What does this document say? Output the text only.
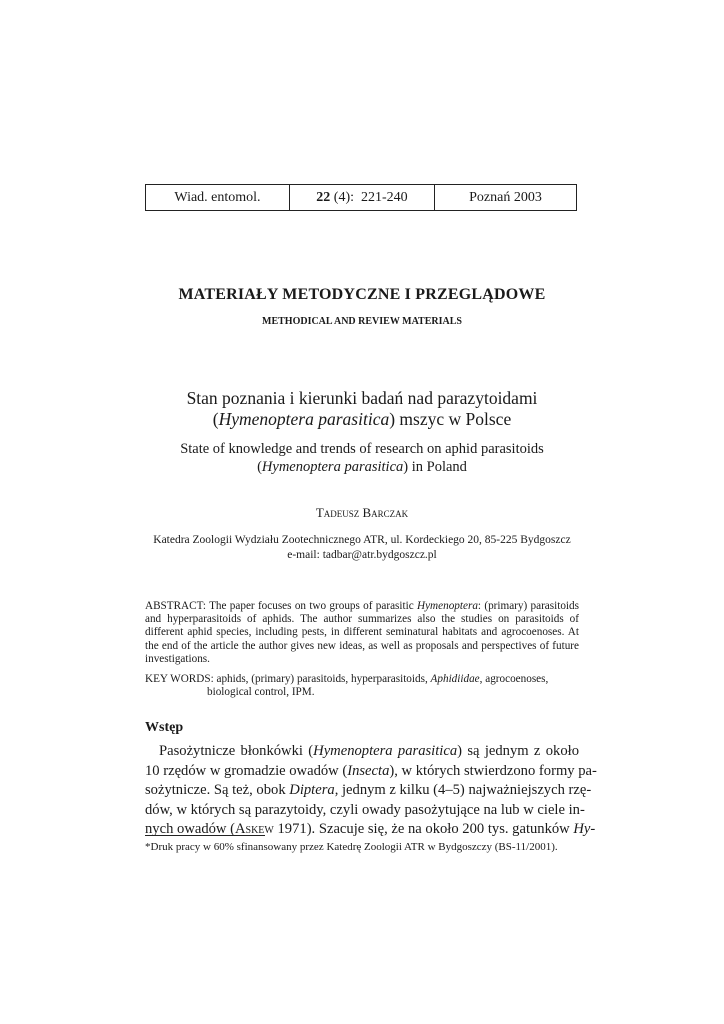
Wiad. entomol.	22 (4):  221-240	Poznań 2003
MATERIAŁY METODYCZNE I PRZEGLĄDOWE
METHODICAL AND REVIEW MATERIALS
Stan poznania i kierunki badań nad parazytoidami
(Hymenoptera parasitica) mszyc w Polsce
State of knowledge and trends of research on aphid parasitoids
(Hymenoptera parasitica) in Poland
Tadeusz Barczak
Katedra Zoologii Wydziału Zootechnicznego ATR, ul. Kordeckiego 20, 85-225 Bydgoszcz
e-mail: tadbar@atr.bydgoszcz.pl
ABSTRACT: The paper focuses on two groups of parasitic Hymenoptera: (primary) parasitoids and hyperparasitoids of aphids. The author summarizes also the studies on parasitoids of different aphid species, including pests, in different seminatural habitats and agrocoenoses. At the end of the article the author gives new ideas, as well as proposals and perspectives of future investigations.
KEY WORDS: aphids, (primary) parasitoids, hyperparasitoids, Aphidiidae, agrocoenoses,
biological control, IPM.
Wstęp
Pasożytnicze błonkówki (Hymenoptera parasitica) są jednym z około
10 rzędów w gromadzie owadów (Insecta), w których stwierdzono formy pa-
sożytnicze. Są też, obok Diptera, jednym z kilku (4–5) najważniejszych rzę-
dów, w których są parazytoidy, czyli owady pasożytujące na lub w ciele in-
nych owadów (Askew 1971). Szacuje się, że na około 200 tys. gatunków Hy-
*Druk pracy w 60% sfinansowany przez Katedrę Zoologii ATR w Bydgoszczy (BS-11/2001).
